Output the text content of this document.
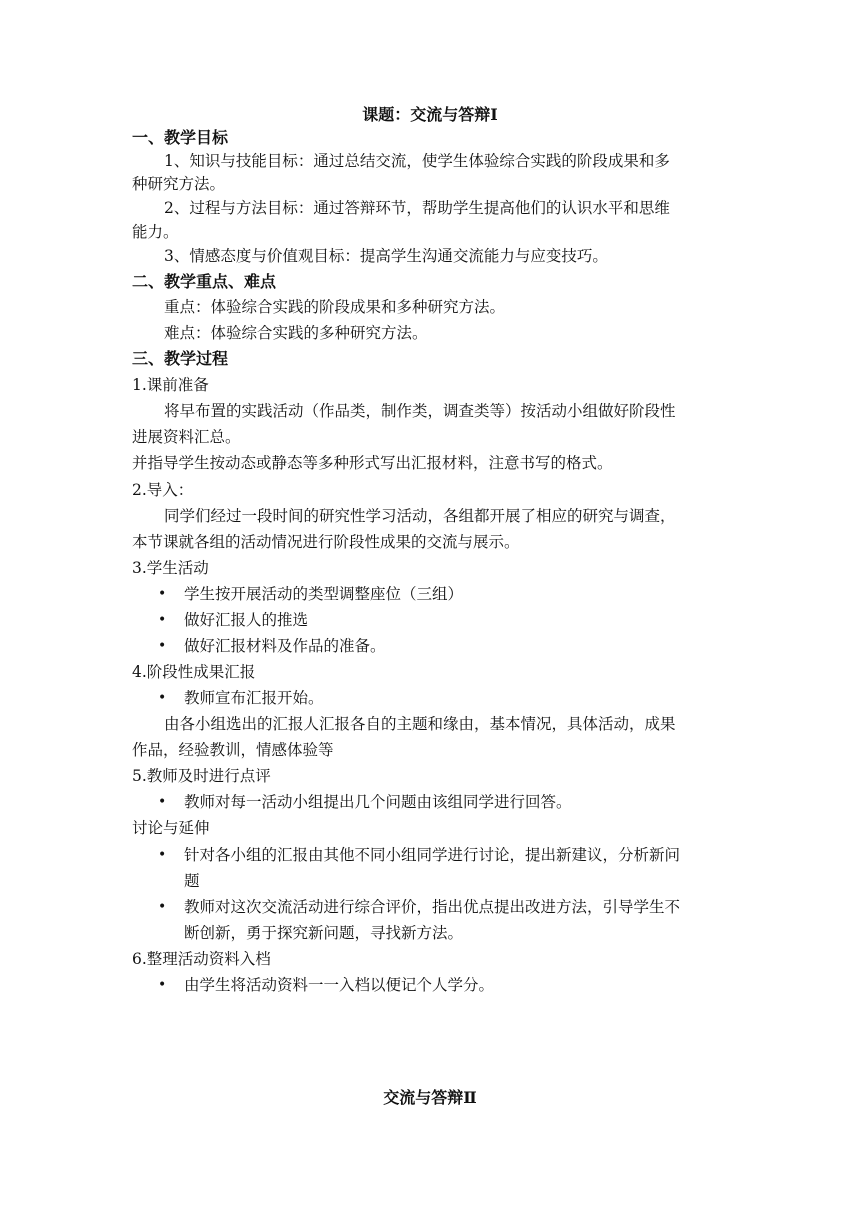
课题：交流与答辩Ⅰ
一、教学目标
1、知识与技能目标：通过总结交流，使学生体验综合实践的阶段成果和多
种研究方法。
2、过程与方法目标：通过答辩环节，帮助学生提高他们的认识水平和思维
能力。
3、情感态度与价值观目标：提高学生沟通交流能力与应变技巧。
二、教学重点、难点
重点：体验综合实践的阶段成果和多种研究方法。
难点：体验综合实践的多种研究方法。
三、教学过程
1.课前准备
将早布置的实践活动（作品类，制作类，调查类等）按活动小组做好阶段性
进展资料汇总。
并指导学生按动态或静态等多种形式写出汇报材料，注意书写的格式。
2.导入：
同学们经过一段时间的研究性学习活动，各组都开展了相应的研究与调查，
本节课就各组的活动情况进行阶段性成果的交流与展示。
3.学生活动
• 学生按开展活动的类型调整座位（三组）
• 做好汇报人的推选
• 做好汇报材料及作品的准备。
4.阶段性成果汇报
• 教师宣布汇报开始。
由各小组选出的汇报人汇报各自的主题和缘由，基本情况，具体活动，成果
作品，经验教训，情感体验等
5.教师及时进行点评
• 教师对每一活动小组提出几个问题由该组同学进行回答。
讨论与延伸
• 针对各小组的汇报由其他不同小组同学进行讨论，提出新建议，分析新问
题
• 教师对这次交流活动进行综合评价，指出优点提出改进方法，引导学生不
断创新，勇于探究新问题，寻找新方法。
6.整理活动资料入档
• 由学生将活动资料一一入档以便记个人学分。
交流与答辩Ⅱ
